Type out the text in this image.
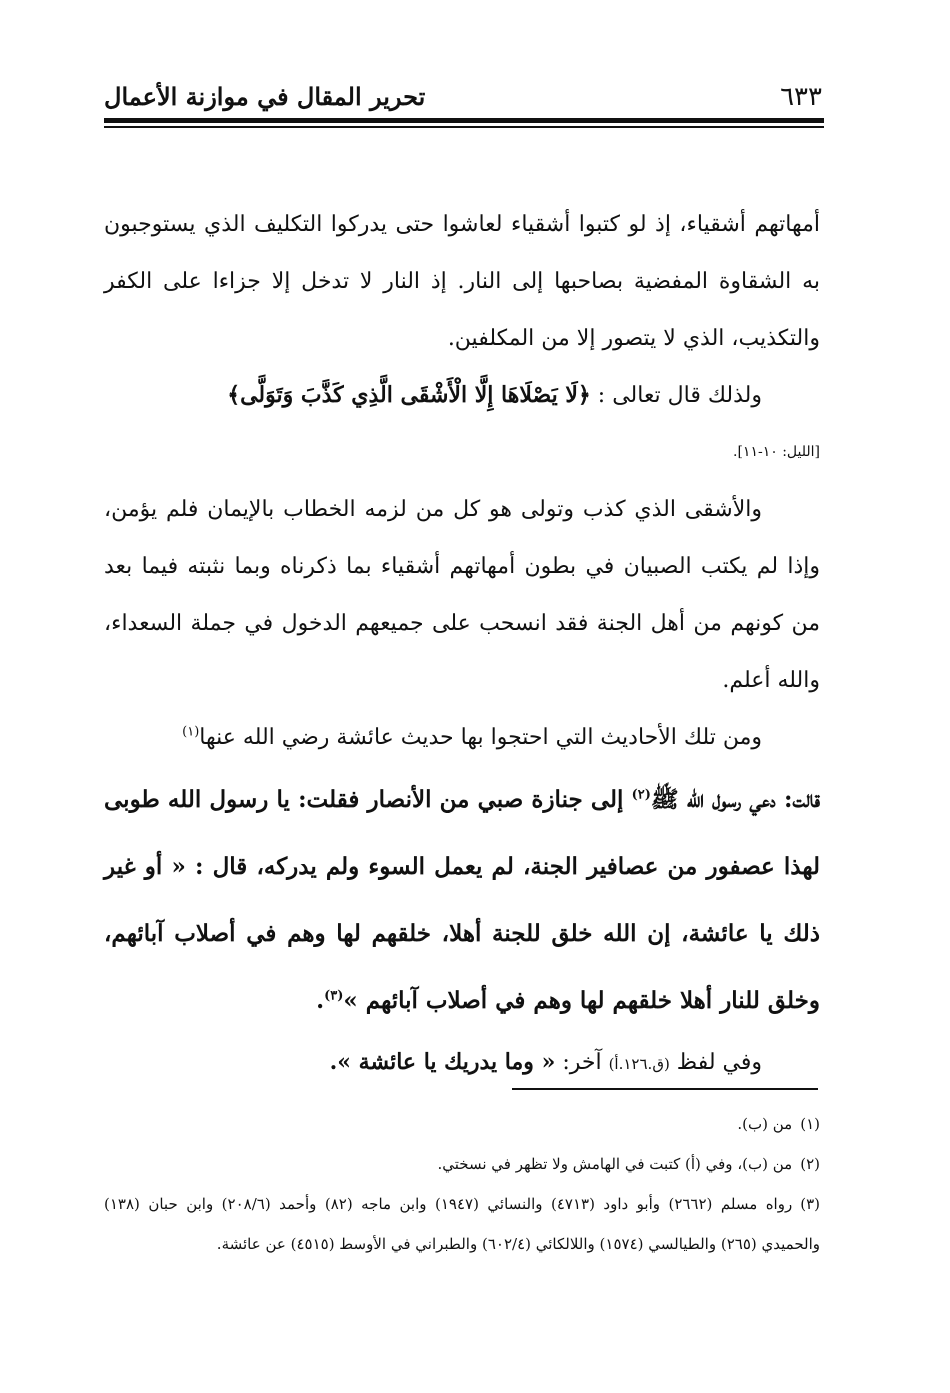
٦٣٣
تحرير المقال في موازنة الأعمال

أمهاتهم أشقياء، إذ لو كتبوا أشقياء لعاشوا حتى يدركوا التكليف الذي يستوجبون به الشقاوة المفضية بصاحبها إلى النار. إذ النار لا تدخل إلا جزاءا على الكفر والتكذيب، الذي لا يتصور إلا من المكلفين.

ولذلك قال تعالى : ﴿لَا يَصْلَاهَا إِلَّا الْأَشْقَى الَّذِي كَذَّبَ وَتَوَلَّى﴾

[الليل: ١٠-١١].

والأشقى الذي كذب وتولى هو كل من لزمه الخطاب بالإيمان فلم يؤمن، وإذا لم يكتب الصبيان في بطون أمهاتهم أشقياء بما ذكرناه وبما نثبته فيما بعد من كونهم من أهل الجنة فقد انسحب على جميعهم الدخول في جملة السعداء، والله أعلم.

ومن تلك الأحاديث التي احتجوا بها حديث عائشة رضي الله عنها$^{(١)}$

قالت: دعي رسول الله ﷺ$^{(٢)}$ إلى جنازة صبي من الأنصار فقلت: يا رسول الله طوبى لهذا عصفور من عصافير الجنة، لم يعمل السوء ولم يدركه، قال : « أو غير ذلك يا عائشة، إن الله خلق للجنة أهلا، خلقهم لها وهم في أصلاب آبائهم، وخلق للنار أهلا خلقهم لها وهم في أصلاب آبائهم »$^{(٣)}$.

وفي لفظ (ق.١٢٦.أ) آخر: « وما يدريك يا عائشة ».

(١)من (ب).

(٢)من (ب)، وفي (أ) كتبت في الهامش ولا تظهر في نسختي.

(٣)رواه مسلم (٢٦٦٢) وأبو داود (٤٧١٣) والنسائي (١٩٤٧) وابن ماجه (٨٢) وأحمد (٢٠٨/٦) وابن حبان (١٣٨) والحميدي (٢٦٥) والطيالسي (١٥٧٤) واللالكائي (٦٠٢/٤) والطبراني في الأوسط (٤٥١٥) عن عائشة.
